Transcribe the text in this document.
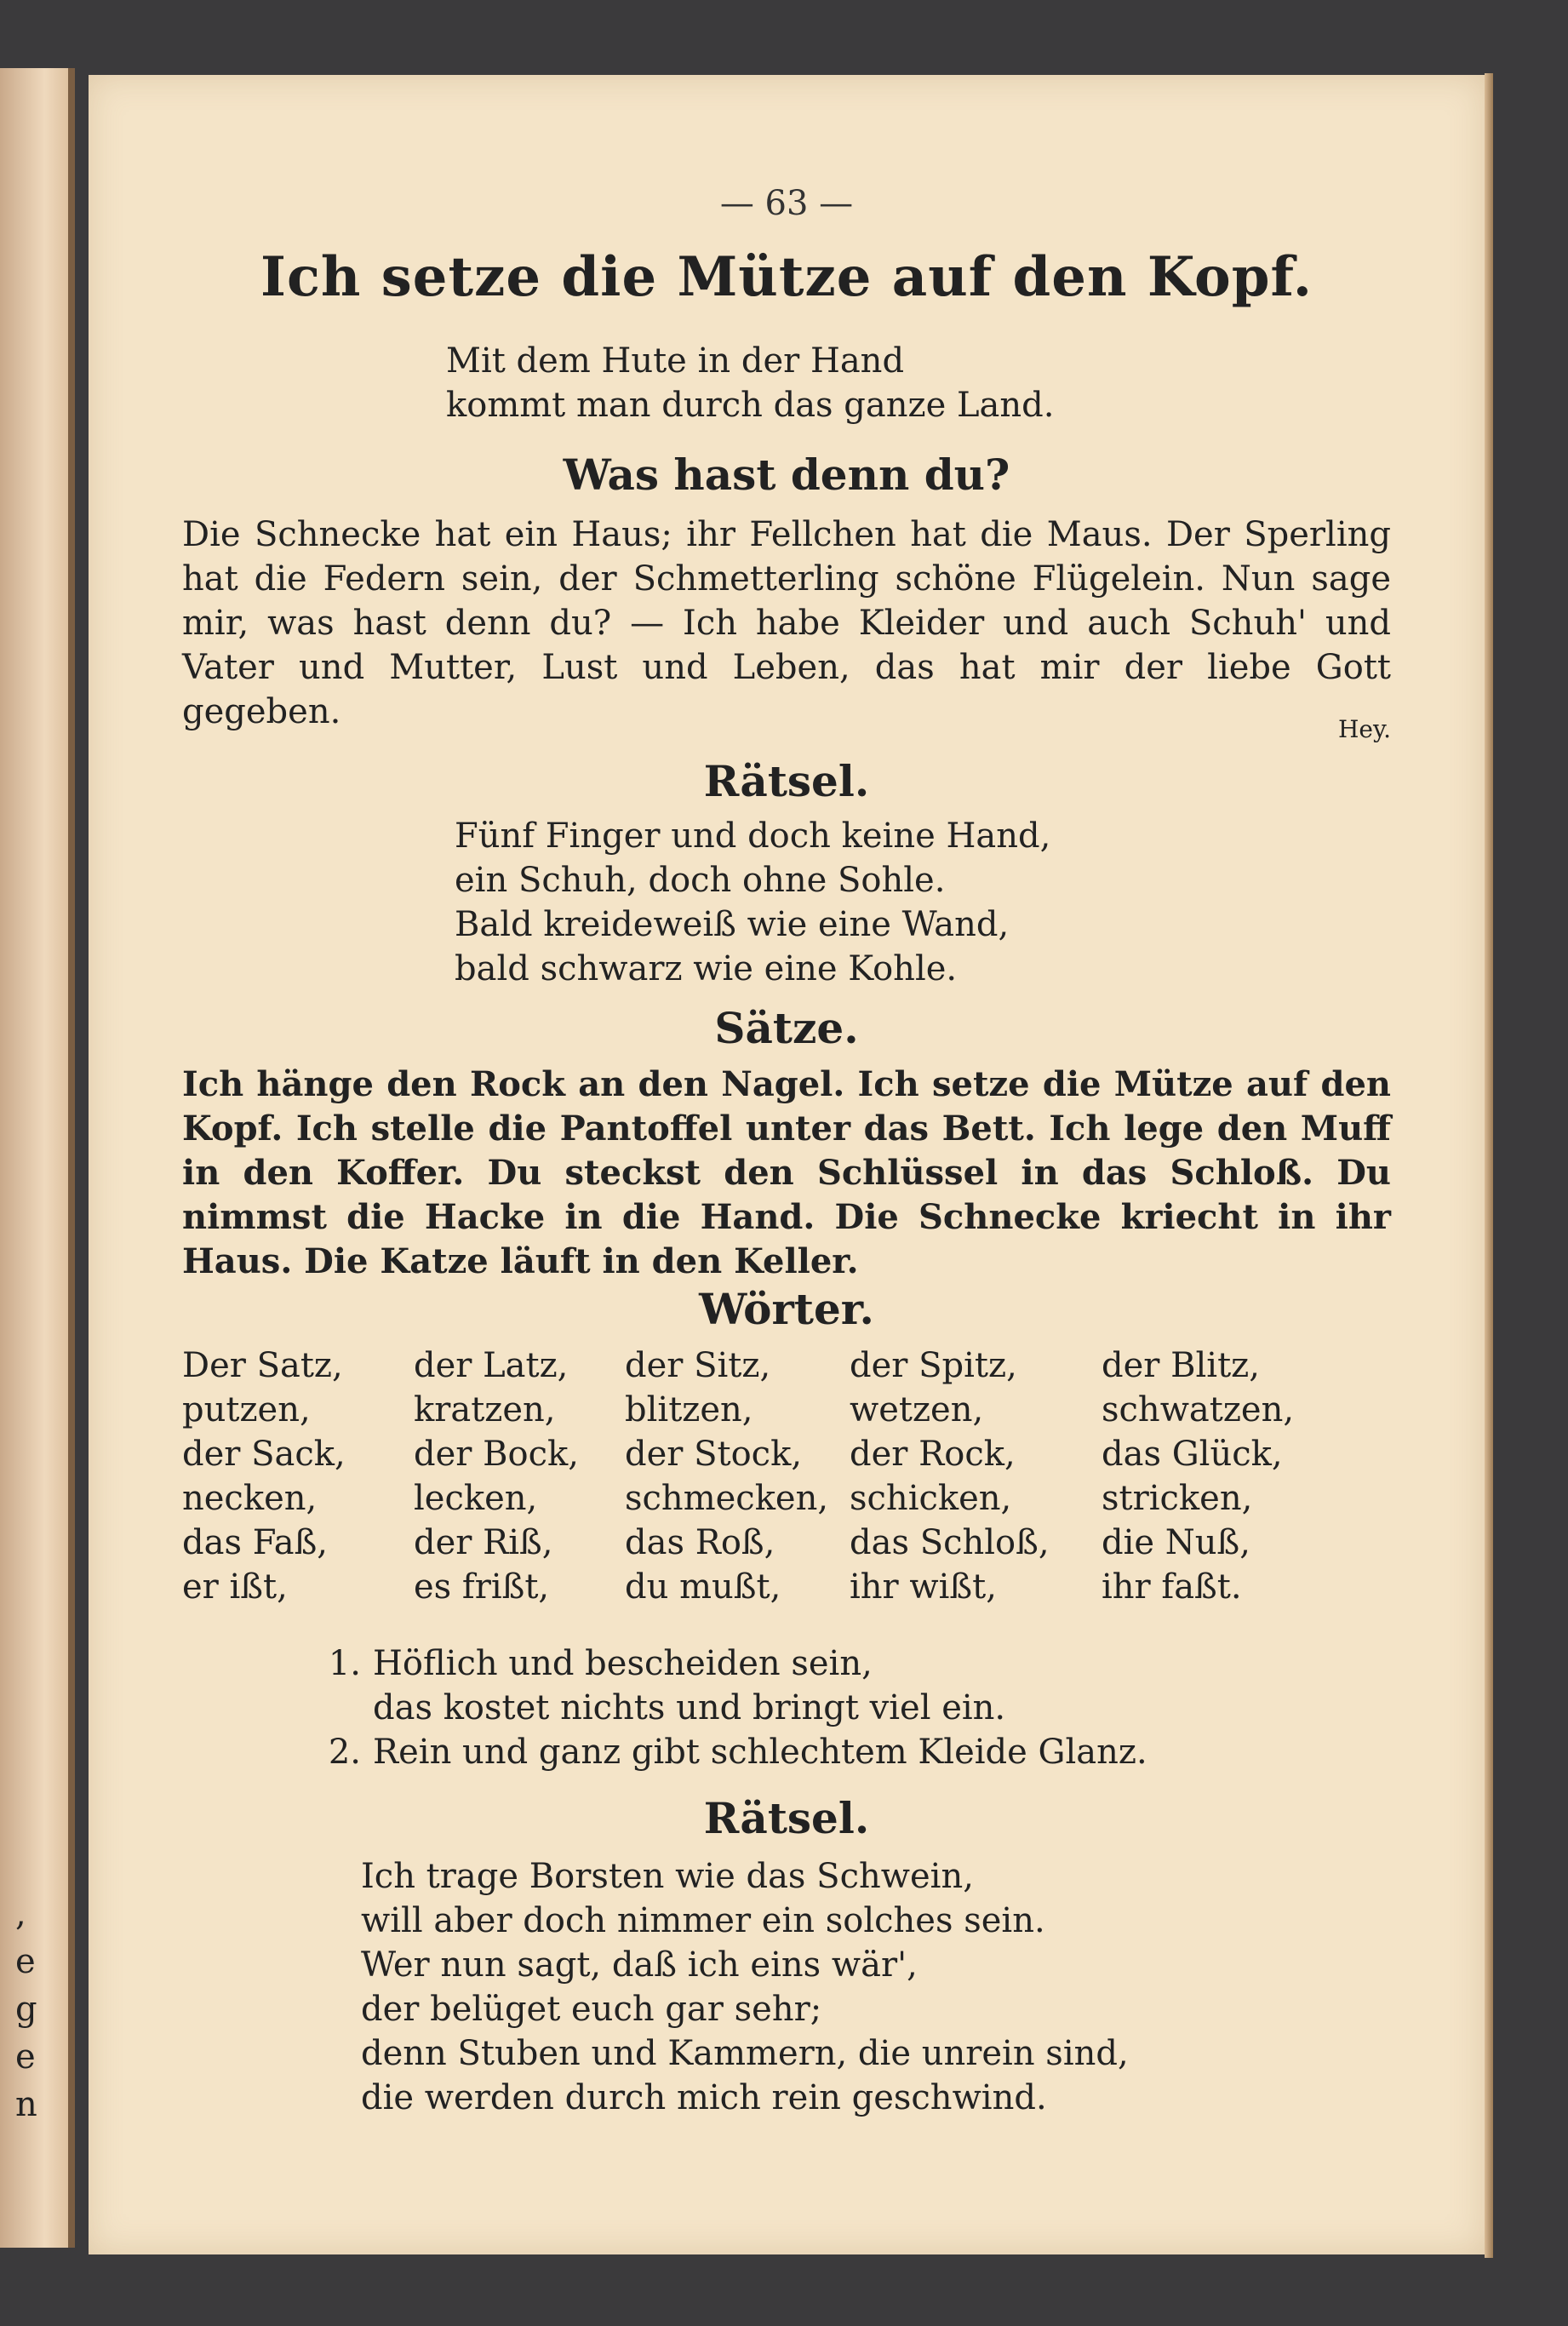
,
e
g
e
n
— 63 —
Ich setze die Mütze auf den Kopf.
Mit dem Hute in der Hand
kommt man durch das ganze Land.
Was hast denn du?
Die Schnecke hat ein Haus; ihr Fellchen hat die Maus. Der Sperling hat die Federn sein, der Schmetterling schöne Flügelein. Nun sage mir, was hast denn du? — Ich habe Kleider und auch Schuh' und Vater und Mutter, Lust und Leben, das hat mir der liebe Gott gegeben.	Hey.
Rätsel.
Fünf Finger und doch keine Hand,
ein Schuh, doch ohne Sohle.
Bald kreideweiß wie eine Wand,
bald schwarz wie eine Kohle.
Sätze.
Ich hänge den Rock an den Nagel. Ich setze die Mütze auf den Kopf. Ich stelle die Pantoffel unter das Bett. Ich lege den Muff in den Koffer. Du steckst den Schlüssel in das Schloß. Du nimmst die Hacke in die Hand. Die Schnecke kriecht in ihr Haus. Die Katze läuft in den Keller.
Wörter.
Der Satz,
putzen,
der Sack,
necken,
das Faß,
er ißt,
der Latz,
kratzen,
der Bock,
lecken,
der Riß,
es frißt,
der Sitz,
blitzen,
der Stock,
schmecken,
das Roß,
du mußt,
der Spitz,
wetzen,
der Rock,
schicken,
das Schloß,
ihr wißt,
der Blitz,
schwatzen,
das Glück,
stricken,
die Nuß,
ihr faßt.
1. Höflich und bescheiden sein,
das kostet nichts und bringt viel ein.
2. Rein und ganz gibt schlechtem Kleide Glanz.
Rätsel.
Ich trage Borsten wie das Schwein,
will aber doch nimmer ein solches sein.
Wer nun sagt, daß ich eins wär',
der belüget euch gar sehr;
denn Stuben und Kammern, die unrein sind,
die werden durch mich rein geschwind.
